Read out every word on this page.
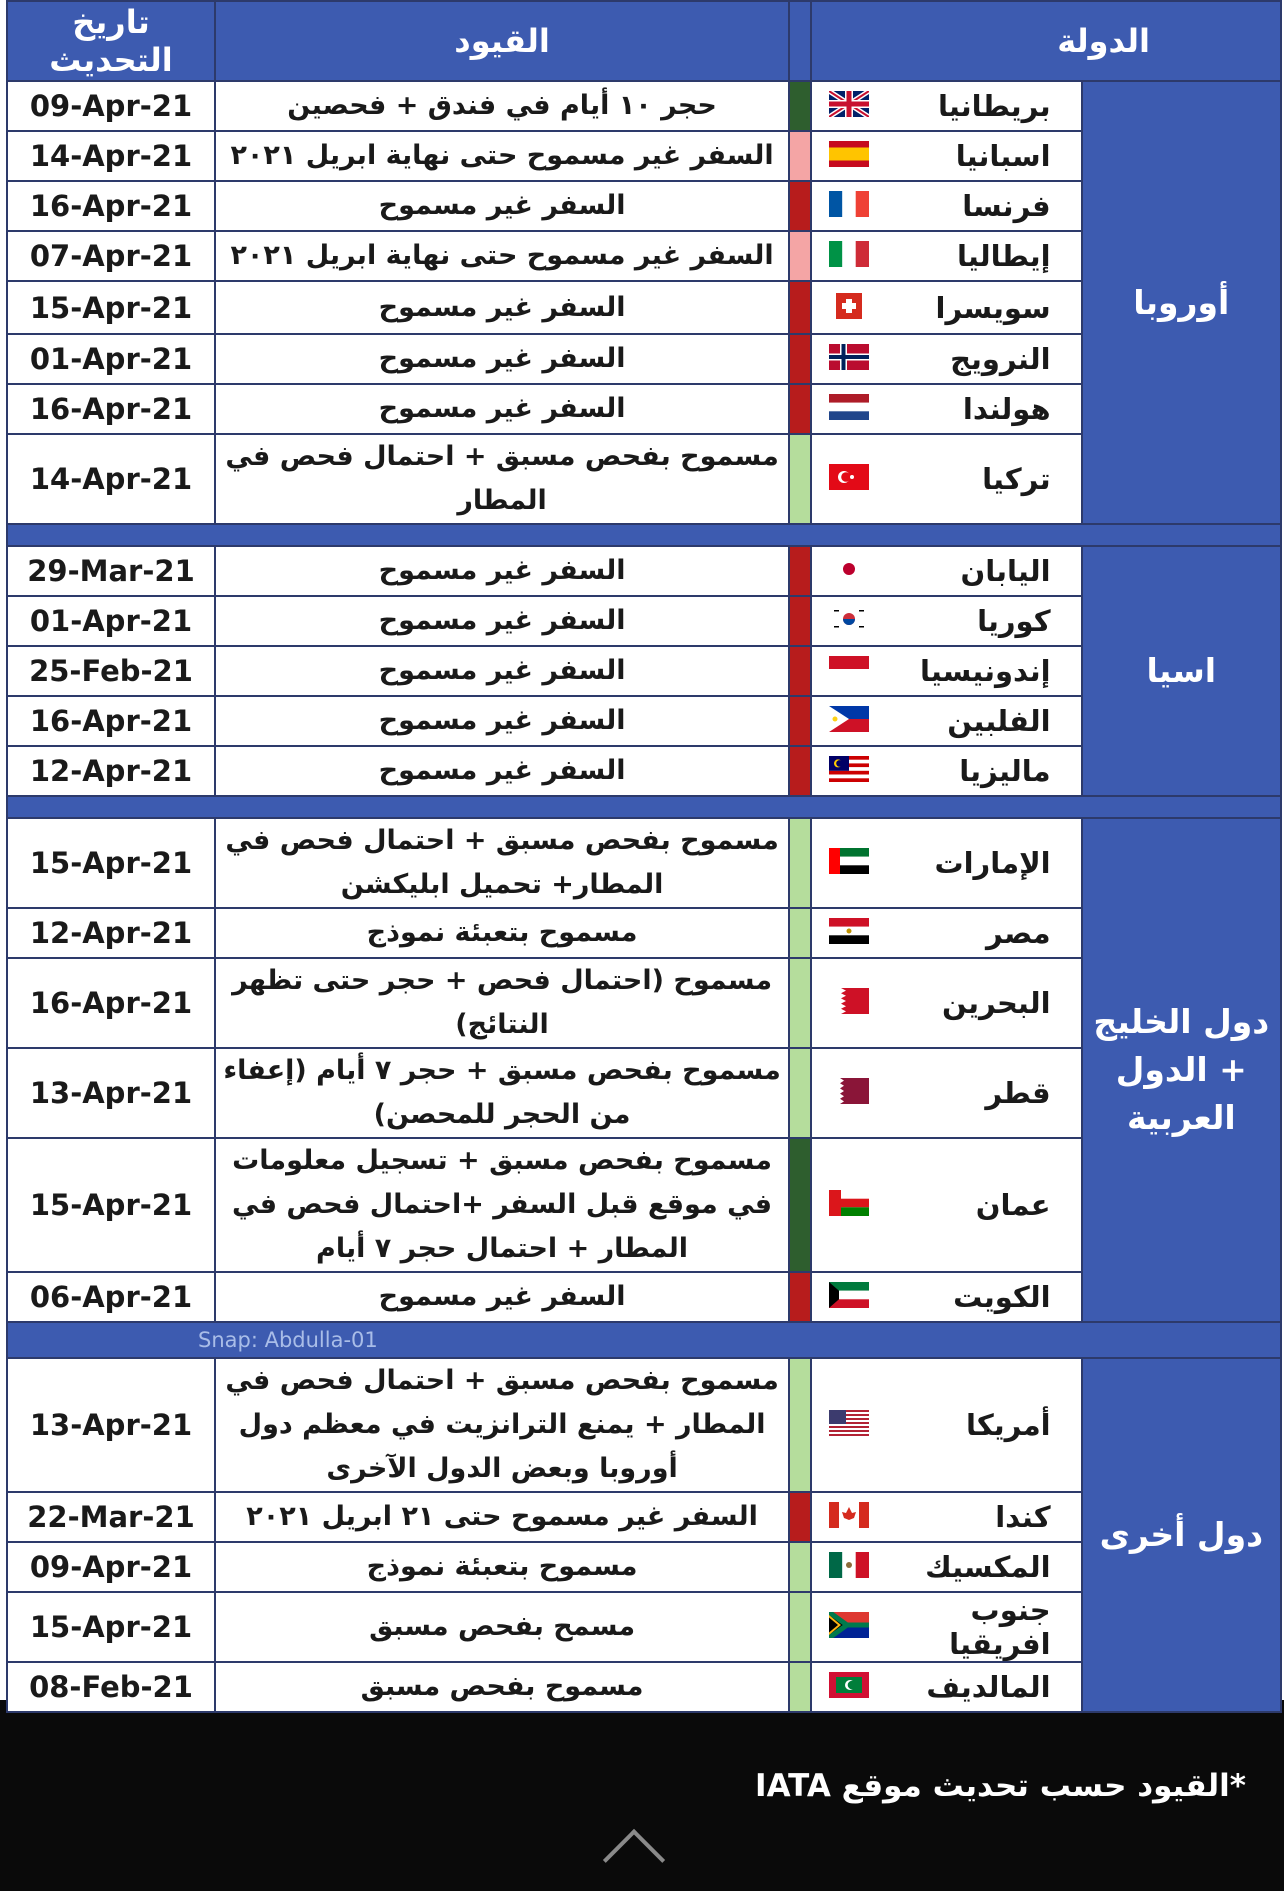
تاريخ التحديث	القيود		الدولة		
09-Apr-21	حجر ١٠ أيام في فندق + فحصين			بريطانيا	أوروبا
14-Apr-21	السفر غير مسموح حتى نهاية ابريل ٢٠٢١			اسبانيا	
16-Apr-21	السفر غير مسموح			فرنسا	
07-Apr-21	السفر غير مسموح حتى نهاية ابريل ٢٠٢١			إيطاليا	
15-Apr-21	السفر غير مسموح			سويسرا	
01-Apr-21	السفر غير مسموح			النرويج	
16-Apr-21	السفر غير مسموح			هولندا	
14-Apr-21	مسموح بفحص مسبق + احتمال فحص في المطار			تركيا	

29-Mar-21	السفر غير مسموح			اليابان	اسيا
01-Apr-21	السفر غير مسموح			كوريا	
25-Feb-21	السفر غير مسموح			إندونيسيا	
16-Apr-21	السفر غير مسموح			الفلبين	
12-Apr-21	السفر غير مسموح			ماليزيا	

15-Apr-21	مسموح بفحص مسبق + احتمال فحص في المطار+ تحميل ابليكشن			الإمارات	دول الخليج + الدول العربية
12-Apr-21	مسموح بتعبئة نموذج			مصر	
16-Apr-21	مسموح (احتمال فحص + حجر حتى تظهر النتائج)			البحرين	
13-Apr-21	مسموح بفحص مسبق + حجر ٧ أيام (إعفاء من الحجر للمحصن)			قطر	
15-Apr-21	مسموح بفحص مسبق + تسجيل معلومات في موقع قبل السفر +احتمال فحص في المطار + احتمال حجر ٧ أيام			عمان	
06-Apr-21	السفر غير مسموح			الكويت	
Snap: Abdulla-01					
13-Apr-21	مسموح بفحص مسبق + احتمال فحص في المطار + يمنع الترانزيت في معظم دول أوروبا وبعض الدول الآخرى			أمريكا	دول أخرى
22-Mar-21	السفر غير مسموح حتى ٢١ ابريل ٢٠٢١			كندا	
09-Apr-21	مسموح بتعبئة نموذج			المكسيك	
15-Apr-21	مسمح بفحص مسبق			جنوب افريقيا	
08-Feb-21	مسموح بفحص مسبق			المالديف	
*القيود حسب تحديث موقع IATA
